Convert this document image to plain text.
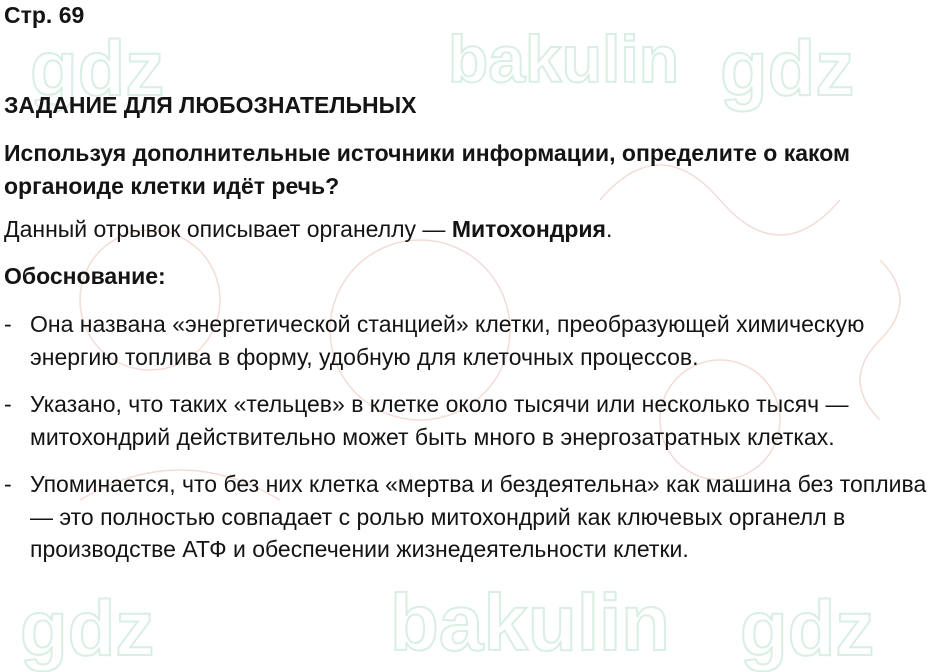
gdz	bakulin gdz
gdz	bakulin gdz
Стр. 69
ЗАДАНИЕ ДЛЯ ЛЮБОЗНАТЕЛЬНЫХ
Используя дополнительные источники информации, определите о каком органоиде клетки идёт речь?
Данный отрывок описывает органеллу — Митохондрия.
Обоснование:
- Она названа «энергетической станцией» клетки, преобразующей химическую энергию топлива в форму, удобную для клеточных процессов.
- Указано, что таких «тельцев» в клетке около тысячи или несколько тысяч — митохондрий действительно может быть много в энергозатратных клетках.
- Упоминается, что без них клетка «мертва и бездеятельна» как машина без топлива — это полностью совпадает с ролью митохондрий как ключевых органелл в производстве АТФ и обеспечении жизнедеятельности клетки.
